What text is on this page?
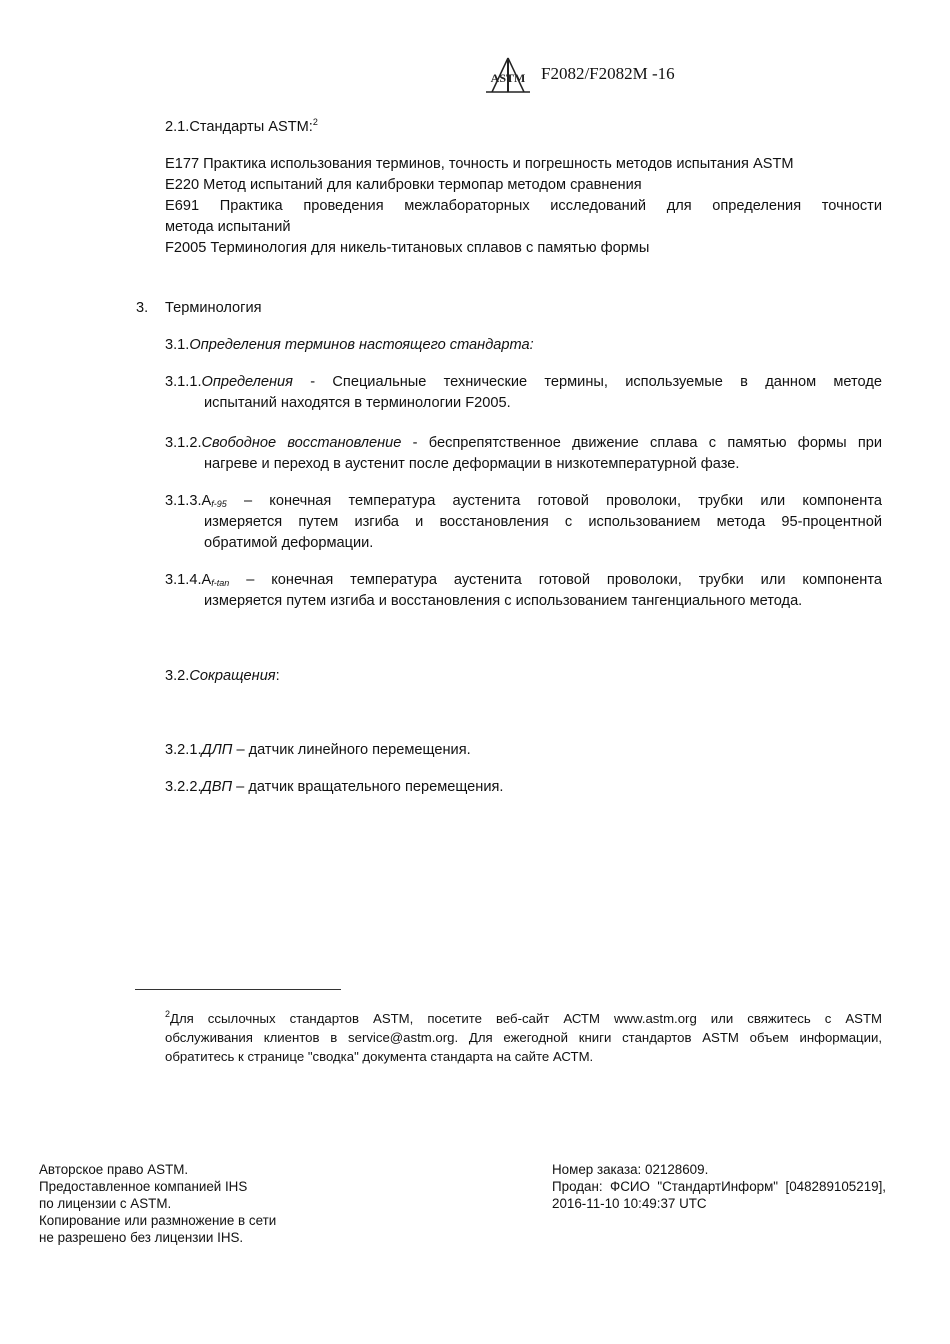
ASTM F2082/F2082M -16
2.1.Стандарты ASTM:$^2$
E177 Практика использования терминов, точность и погрешность методов испытания ASTM
E220 Метод испытаний для калибровки термопар методом сравнения
E691 Практика проведения межлабораторных исследований для определения точности
метода испытаний
F2005 Терминология для никель-титановых сплавов с памятью формы
3. Терминология
3.1.Определения терминов настоящего стандарта:
3.1.1.Определения - Специальные технические термины, используемые в данном методе
испытаний находятся в терминологии F2005.
3.1.2.Свободное восстановление - беспрепятственное движение сплава с памятью формы при
нагреве и переход в аустенит после деформации в низкотемпературной фазе.
$3.1.3.A_{f-95}$ – конечная температура аустенита готовой проволоки, трубки или компонента
измеряется путем изгиба и восстановления с использованием метода 95-процентной
обратимой деформации.
$3.1.4.A_{f-tan}$ – конечная температура аустенита готовой проволоки, трубки или компонента
измеряется путем изгиба и восстановления с использованием тангенциального метода.
3.2.Сокращения:
3.2.1.ДЛП – датчик линейного перемещения.
3.2.2.ДВП – датчик вращательного перемещения.
$^2$Для ссылочных стандартов ASTM, посетите веб-сайт АСТМ www.astm.org или свяжитесь с ASTM
обслуживания клиентов в service@astm.org. Для ежегодной книги стандартов ASTM объем информации,
обратитесь к странице "сводка" документа стандарта на сайте АСТМ.
Авторское право ASTM.
Предоставленное компанией IHS
по лицензии с ASTM.
Копирование или размножение в сети
не разрешено без лицензии IHS.
Номер заказа: 02128609.
Продан:  ФСИО  "СтандартИнформ"  [048289105219],
2016-11-10 10:49:37 UTC
